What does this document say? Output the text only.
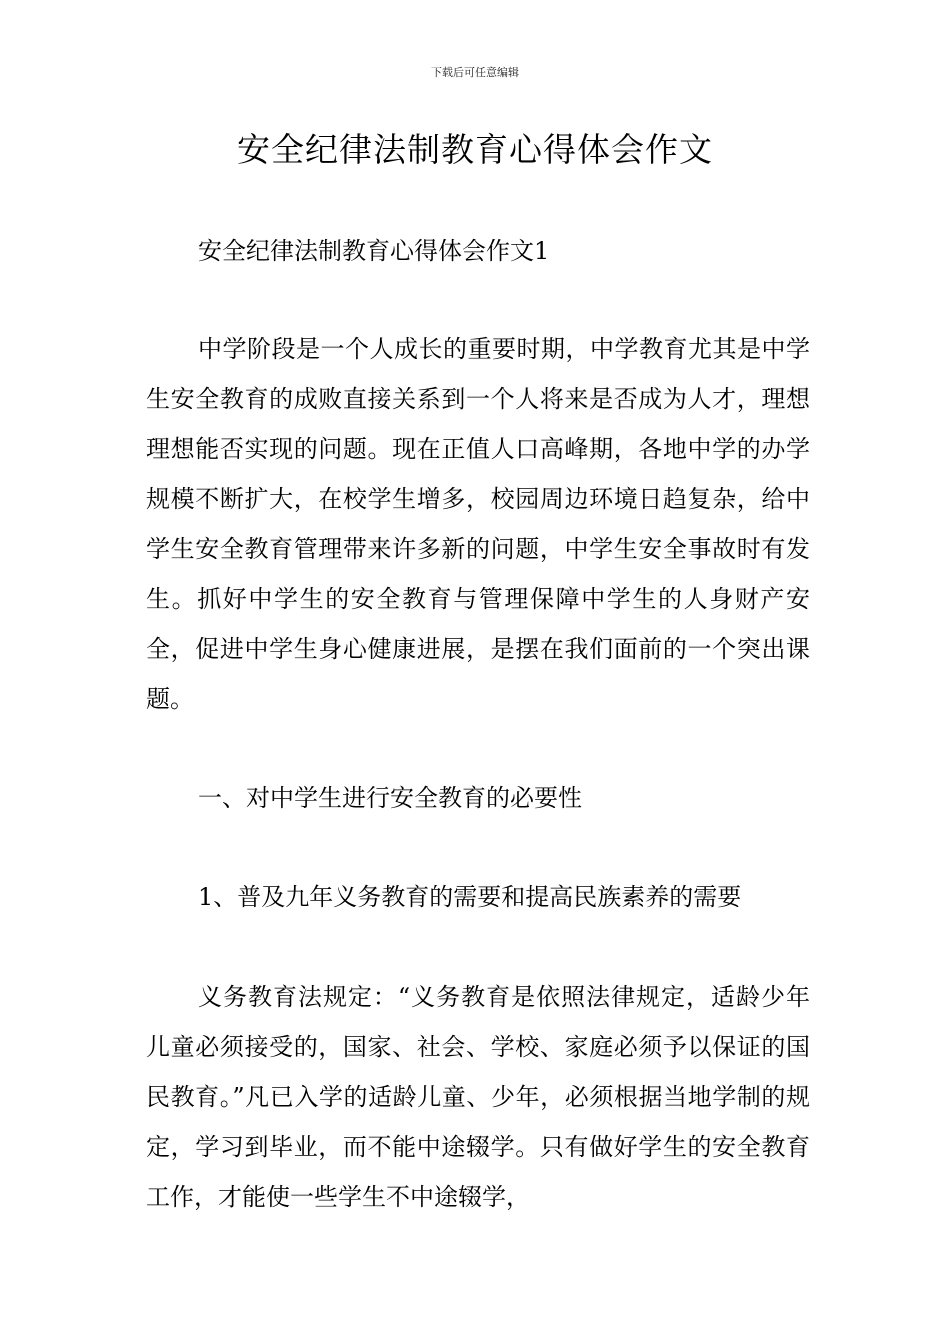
下载后可任意编辑
安全纪律法制教育心得体会作文

安全纪律法制教育心得体会作文1

中学阶段是一个人成长的重要时期，中学教育尤其是中学生安全教育的成败直接关系到一个人将来是否成为人才，理想理想能否实现的问题。现在正值人口高峰期，各地中学的办学规模不断扩大，在校学生增多，校园周边环境日趋复杂，给中学生安全教育管理带来许多新的问题，中学生安全事故时有发生。抓好中学生的安全教育与管理保障中学生的人身财产安全，促进中学生身心健康进展，是摆在我们面前的一个突出课题。

一、对中学生进行安全教育的必要性

1、普及九年义务教育的需要和提高民族素养的需要

义务教育法规定：“义务教育是依照法律规定，适龄少年儿童必须接受的，国家、社会、学校、家庭必须予以保证的国民教育。”凡已入学的适龄儿童、少年，必须根据当地学制的规定，学习到毕业，而不能中途辍学。只有做好学生的安全教育工作，才能使一些学生不中途辍学，
